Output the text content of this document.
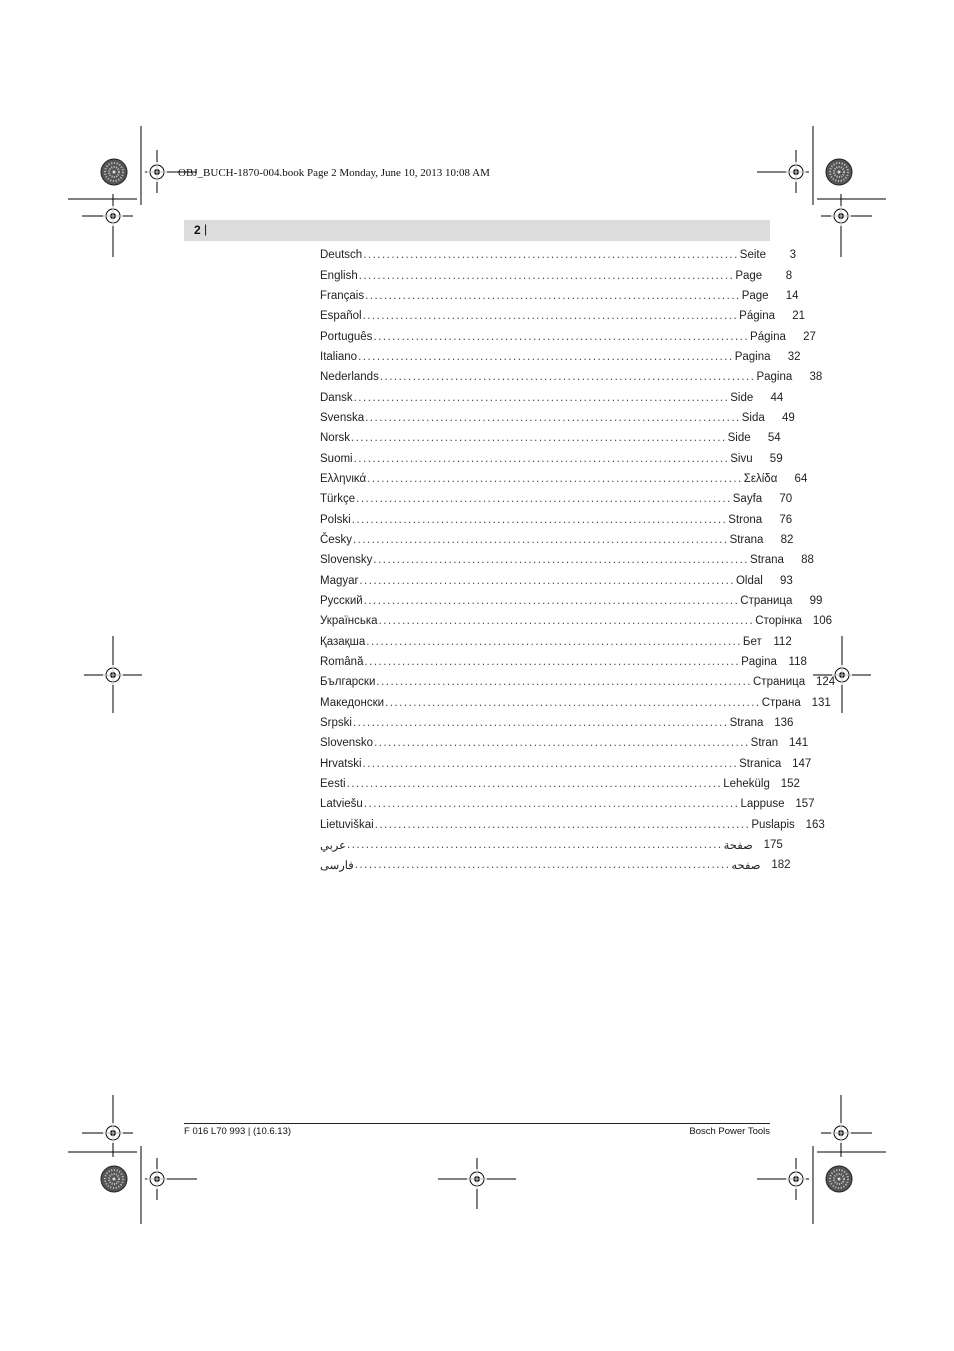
OBJ_BUCH-1870-004.book Page 2 Monday, June 10, 2013 10:08 AM
2 |
Deutsch ................................................................................ Seite	3
English ................................................................................ Page	8
Français ................................................................................ Page	14
Español ................................................................................ Página	21
Português ................................................................................ Página	27
Italiano ................................................................................ Pagina	32
Nederlands ................................................................................ Pagina	38
Dansk ................................................................................ Side	44
Svenska ................................................................................ Sida	49
Norsk ................................................................................ Side	54
Suomi ................................................................................ Sivu	59
Ελληνικά ................................................................................ Σελίδα	64
Türkçe ................................................................................ Sayfa	70
Polski ................................................................................ Strona	76
Česky ................................................................................ Strana	82
Slovensky ................................................................................ Strana	88
Magyar ................................................................................ Oldal	93
Русский ................................................................................ Страница	99
Українська ................................................................................ Сторінка 106
Қазақша ................................................................................ Бет	112
Română ................................................................................ Pagina	118
Български ................................................................................ Страница 124
Македонски ................................................................................ Страна 131
Srpski ................................................................................ Strana 136
Slovensko ................................................................................ Stran 141
Hrvatski ................................................................................ Stranica 147
Eesti ................................................................................ Lehekülg 152
Latviešu ................................................................................ Lappuse 157
Lietuviškai ................................................................................ Puslapis 163
عربي ................................................................................ صفحة 175
فارسی ................................................................................ صفحه 182
F 016 L70 993 | (10.6.13)	Bosch Power Tools
